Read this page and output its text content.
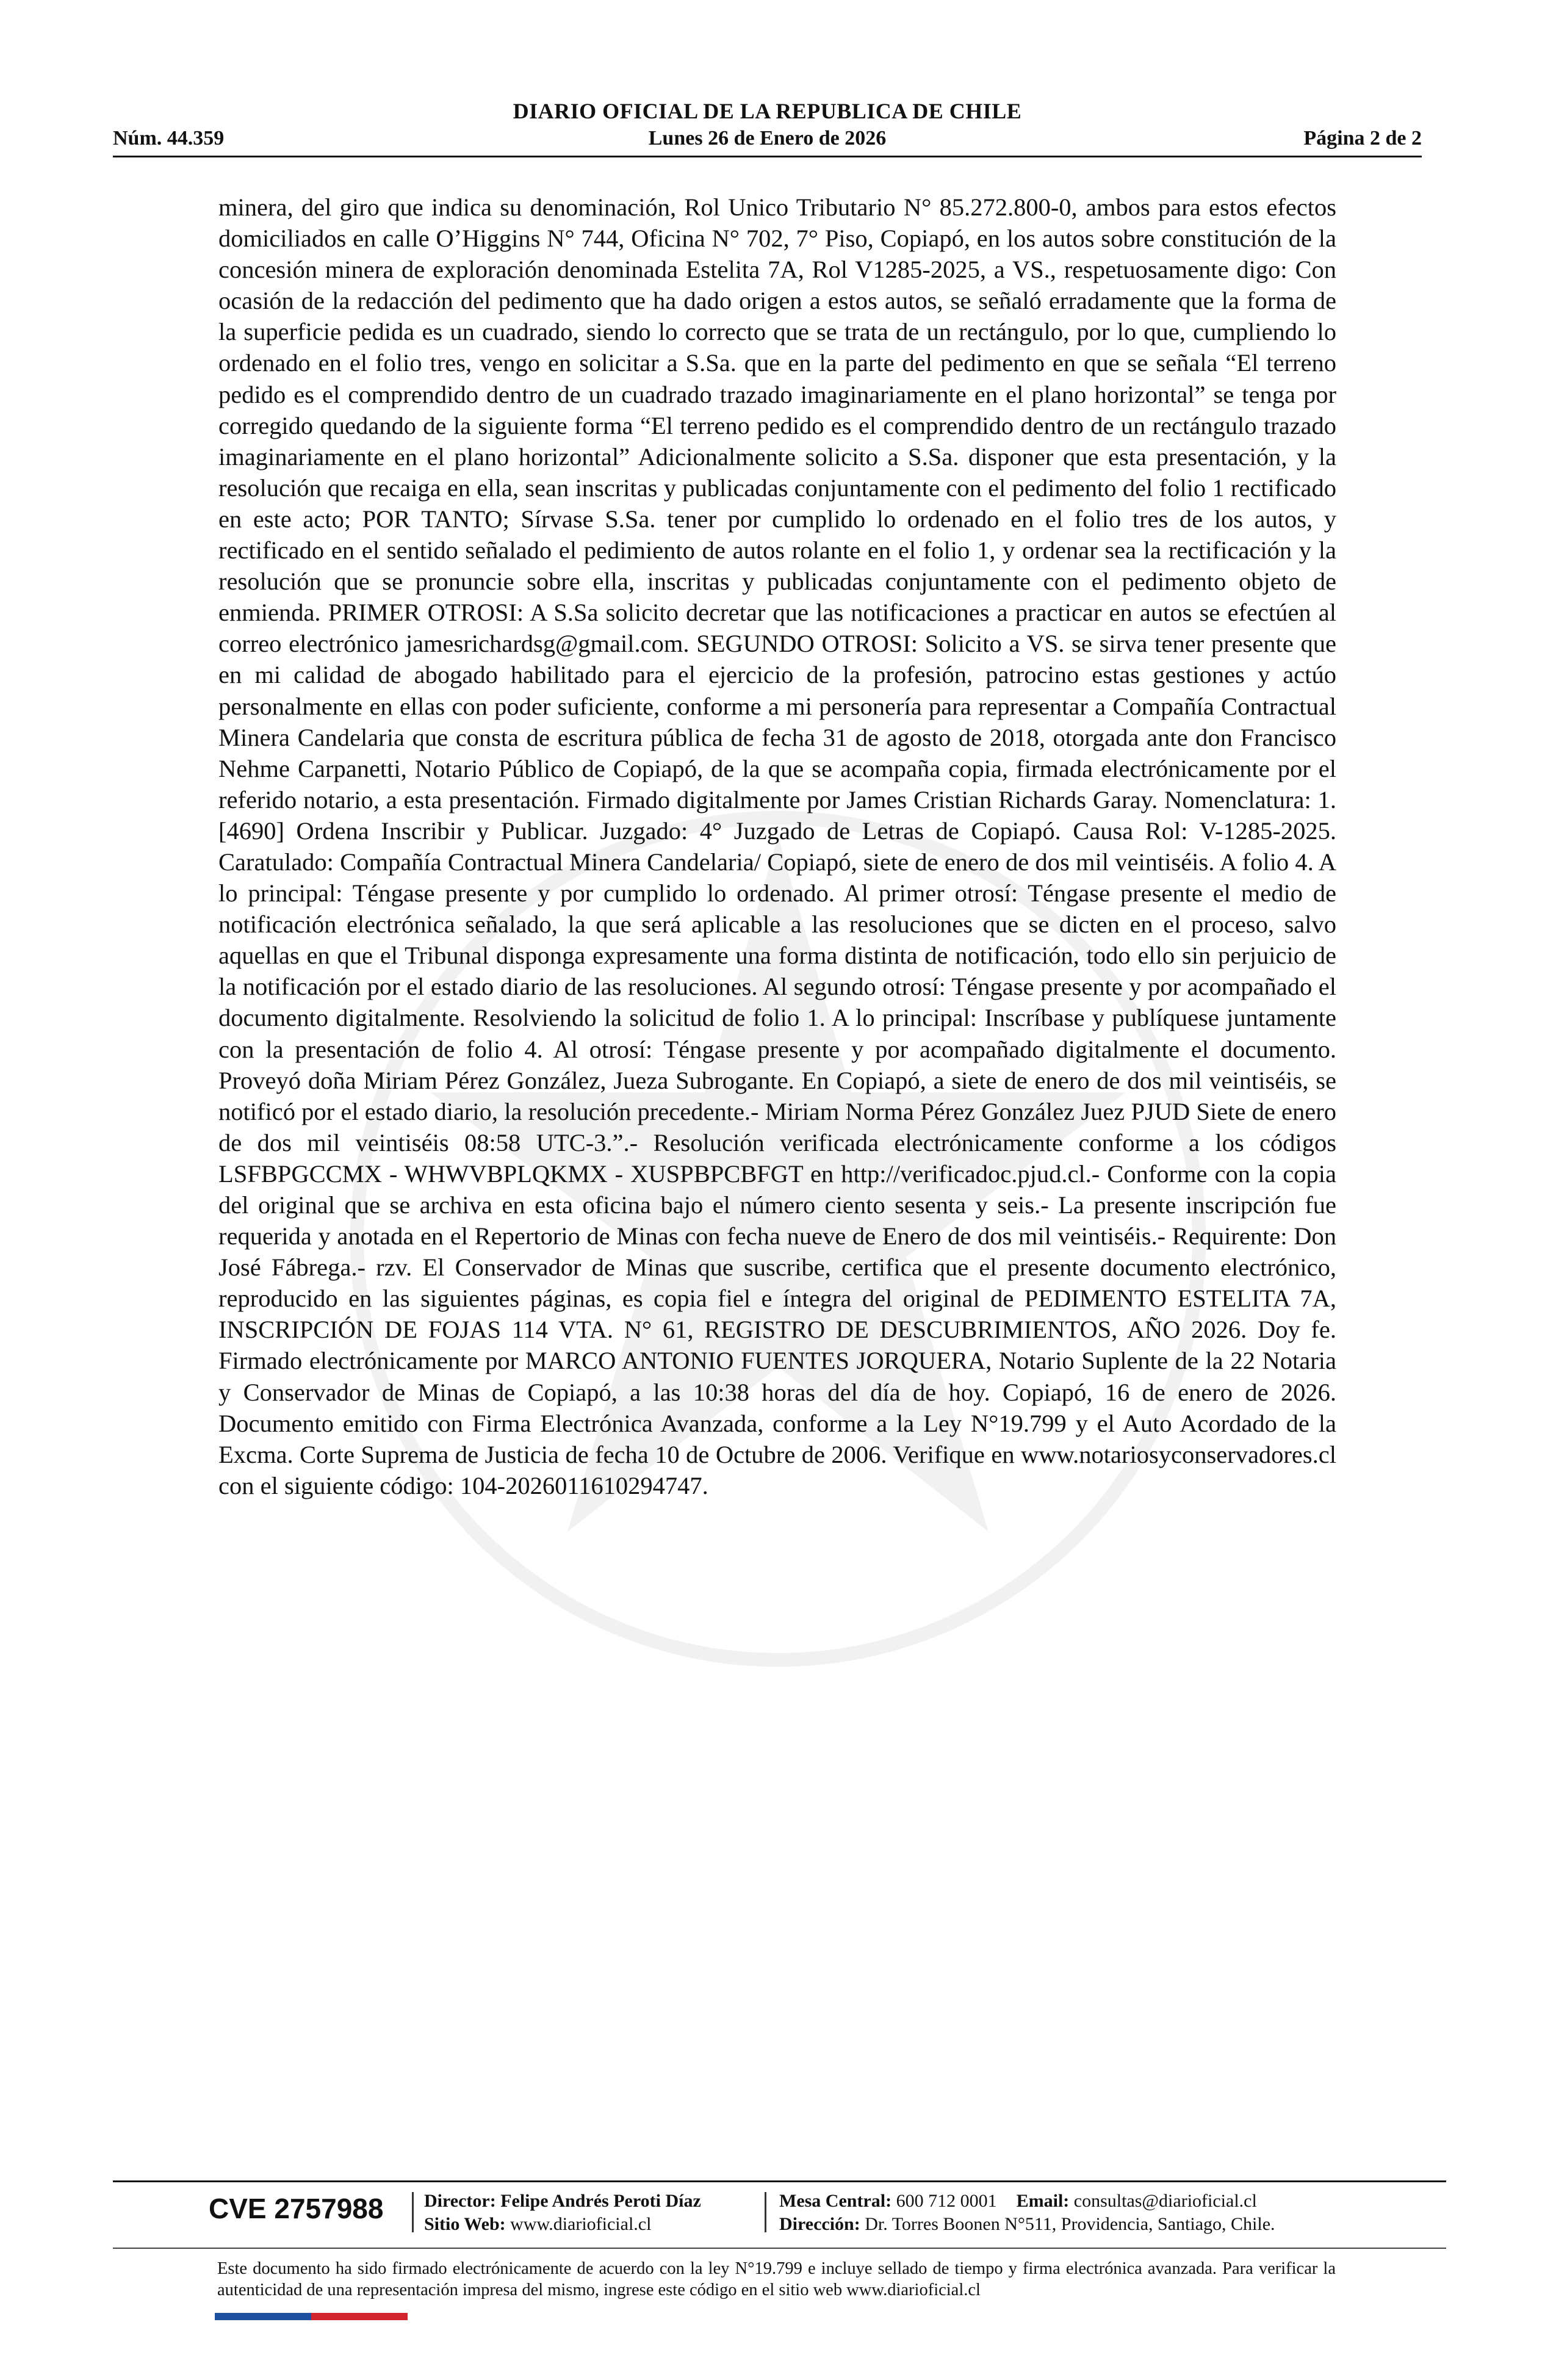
DIARIO OFICIAL DE LA REPUBLICA DE CHILE
Núm. 44.359	Lunes 26 de Enero de 2026	Página 2 de 2

minera, del giro que indica su denominación, Rol Unico Tributario N° 85.272.800-0, ambos para estos efectos domiciliados en calle O’Higgins N° 744, Oficina N° 702, 7° Piso, Copiapó, en los autos sobre constitución de la concesión minera de exploración denominada Estelita 7A, Rol V1285-2025, a VS., respetuosamente digo: Con ocasión de la redacción del pedimento que ha dado origen a estos autos, se señaló erradamente que la forma de la superficie pedida es un cuadrado, siendo lo correcto que se trata de un rectángulo, por lo que, cumpliendo lo ordenado en el folio tres, vengo en solicitar a S.Sa. que en la parte del pedimento en que se señala “El terreno pedido es el comprendido dentro de un cuadrado trazado imaginariamente en el plano horizontal” se tenga por corregido quedando de la siguiente forma “El terreno pedido es el comprendido dentro de un rectángulo trazado imaginariamente en el plano horizontal” Adicionalmente solicito a S.Sa. disponer que esta presentación, y la resolución que recaiga en ella, sean inscritas y publicadas conjuntamente con el pedimento del folio 1 rectificado en este acto; POR TANTO; Sírvase S.Sa. tener por cumplido lo ordenado en el folio tres de los autos, y rectificado en el sentido señalado el pedimiento de autos rolante en el folio 1, y ordenar sea la rectificación y la resolución que se pronuncie sobre ella, inscritas y publicadas conjuntamente con el pedimento objeto de enmienda. PRIMER OTROSI: A S.Sa solicito decretar que las notificaciones a practicar en autos se efectúen al correo electrónico jamesrichardsg@gmail.com. SEGUNDO OTROSI: Solicito a VS. se sirva tener presente que en mi calidad de abogado habilitado para el ejercicio de la profesión, patrocino estas gestiones y actúo personalmente en ellas con poder suficiente, conforme a mi personería para representar a Compañía Contractual Minera Candelaria que consta de escritura pública de fecha 31 de agosto de 2018, otorgada ante don Francisco Nehme Carpanetti, Notario Público de Copiapó, de la que se acompaña copia, firmada electrónicamente por el referido notario, a esta presentación. Firmado digitalmente por James Cristian Richards Garay. Nomenclatura: 1. [4690] Ordena Inscribir y Publicar. Juzgado: 4° Juzgado de Letras de Copiapó. Causa Rol: V-1285-2025. Caratulado: Compañía Contractual Minera Candelaria/ Copiapó, siete de enero de dos mil veintiséis. A folio 4. A lo principal: Téngase presente y por cumplido lo ordenado. Al primer otrosí: Téngase presente el medio de notificación electrónica señalado, la que será aplicable a las resoluciones que se dicten en el proceso, salvo aquellas en que el Tribunal disponga expresamente una forma distinta de notificación, todo ello sin perjuicio de la notificación por el estado diario de las resoluciones. Al segundo otrosí: Téngase presente y por acompañado el documento digitalmente. Resolviendo la solicitud de folio 1. A lo principal: Inscríbase y publíquese juntamente con la presentación de folio 4. Al otrosí: Téngase presente y por acompañado digitalmente el documento. Proveyó doña Miriam Pérez González, Jueza Subrogante. En Copiapó, a siete de enero de dos mil veintiséis, se notificó por el estado diario, la resolución precedente.- Miriam Norma Pérez González Juez PJUD Siete de enero de dos mil veintiséis 08:58 UTC-3.”.- Resolución verificada electrónicamente conforme a los códigos LSFBPGCCMX - WHWVBPLQKMX - XUSPBPCBFGT en http://verificadoc.pjud.cl.- Conforme con la copia del original que se archiva en esta oficina bajo el número ciento sesenta y seis.- La presente inscripción fue requerida y anotada en el Repertorio de Minas con fecha nueve de Enero de dos mil veintiséis.- Requirente: Don José Fábrega.- rzv. El Conservador de Minas que suscribe, certifica que el presente documento electrónico, reproducido en las siguientes páginas, es copia fiel e íntegra del original de PEDIMENTO ESTELITA 7A, INSCRIPCIÓN DE FOJAS 114 VTA. N° 61, REGISTRO DE DESCUBRIMIENTOS, AÑO 2026. Doy fe. Firmado electrónicamente por MARCO ANTONIO FUENTES JORQUERA, Notario Suplente de la 22 Notaria y Conservador de Minas de Copiapó, a las 10:38 horas del día de hoy. Copiapó, 16 de enero de 2026. Documento emitido con Firma Electrónica Avanzada, conforme a la Ley N°19.799 y el Auto Acordado de la Excma. Corte Suprema de Justicia de fecha 10 de Octubre de 2006. Verifique en www.notariosyconservadores.cl con el siguiente código: 104-2026011610294747.

CVE 2757988 Director: Felipe Andrés Peroti Díaz
Sitio Web: www.diarioficial.cl
Mesa Central: 600 712 0001 Email: consultas@diarioficial.cl
Dirección: Dr. Torres Boonen N°511, Providencia, Santiago, Chile.

Este documento ha sido firmado electrónicamente de acuerdo con la ley N°19.799 e incluye sellado de tiempo y firma electrónica avanzada. Para verificar la autenticidad de una representación impresa del mismo, ingrese este código en el sitio web www.diarioficial.cl
